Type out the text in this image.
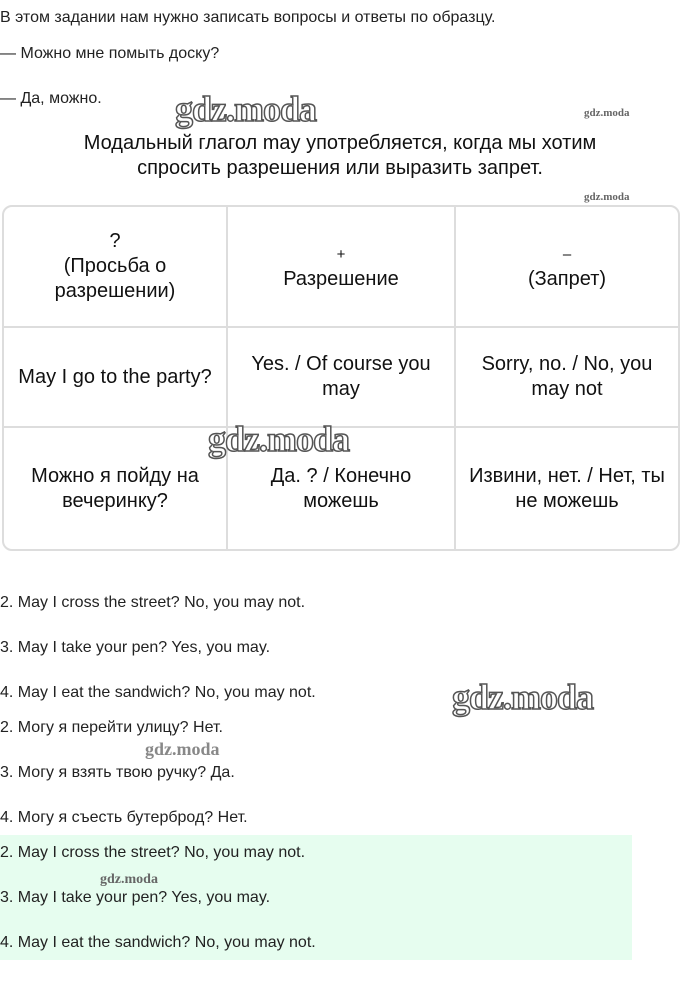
В этом задании нам нужно записать вопросы и ответы по образцу.
— Можно мне помыть доску?
— Да, можно.
Модальный глагол may употребляется, когда мы хотим
спросить разрешения или выразить запрет.
?
(Просьба о разрешении)
+
Разрешение
–
(Запрет)
May I go to the party?
Yes. / Of course you may
Sorry, no. / No, you may not
Можно я пойду на вечеринку?
Да. ? / Конечно можешь
Извини, нет. / Нет, ты не можешь
2. May I cross the street? No, you may not.
3. May I take your pen? Yes, you may.
4. May I eat the sandwich? No, you may not.
2. Могу я перейти улицу? Нет.
3. Могу я взять твою ручку? Да.
4. Могу я съесть бутерброд? Нет.
2. May I cross the street? No, you may not.
3. May I take your pen? Yes, you may.
4. May I eat the sandwich? No, you may not.
gdz.moda	gdz.moda
gdz.moda
gdz.moda
gdz.moda
gdz.moda
gdz.moda
